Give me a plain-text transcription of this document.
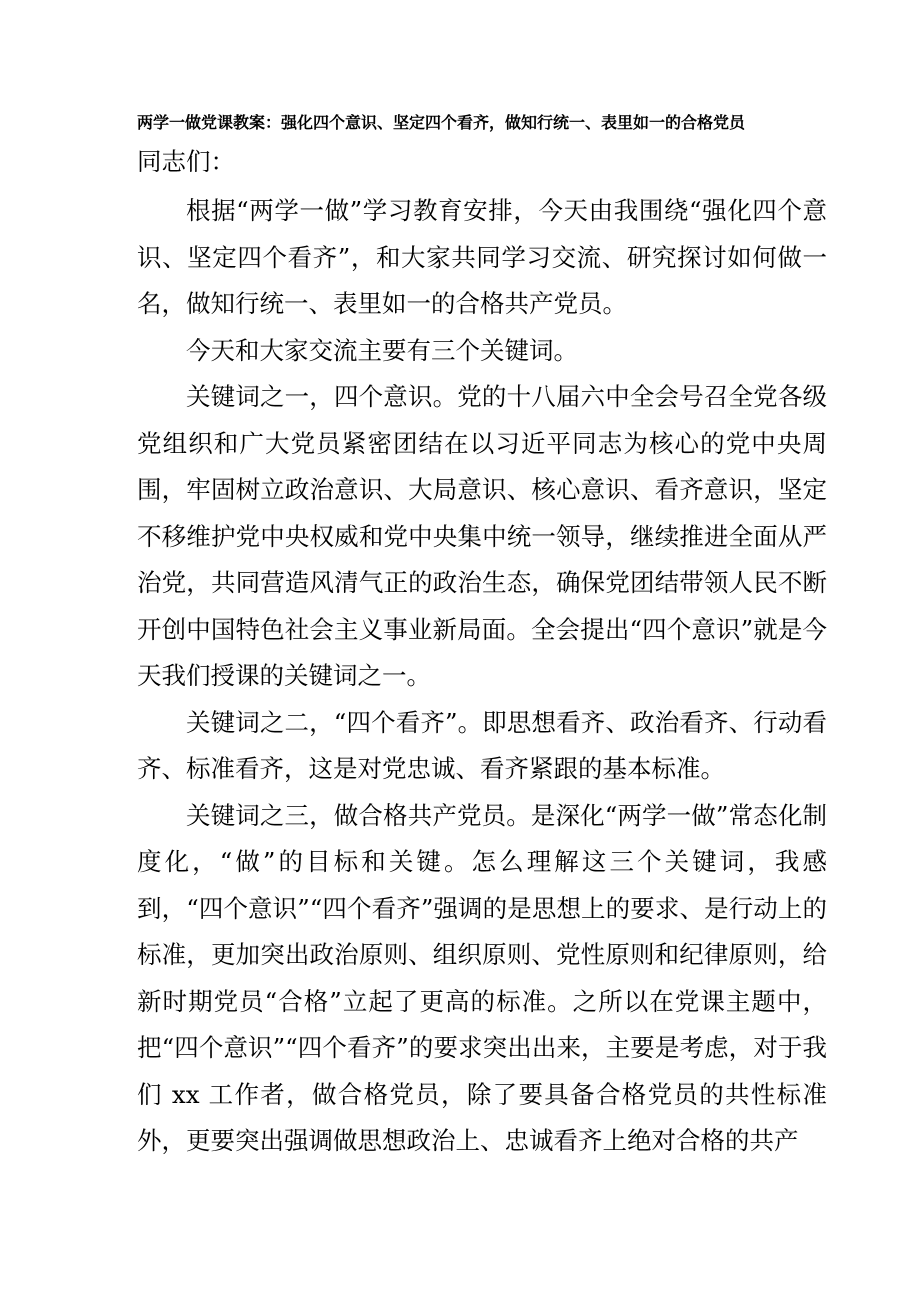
两学一做党课教案：强化四个意识、坚定四个看齐，做知行统一、表里如一的合格党员
同志们：

根据“两学一做”学习教育安排，今天由我围绕“强化四个意识、坚定四个看齐”，和大家共同学习交流、研究探讨如何做一名，做知行统一、表里如一的合格共产党员。

今天和大家交流主要有三个关键词。

关键词之一，四个意识。党的十八届六中全会号召全党各级党组织和广大党员紧密团结在以习近平同志为核心的党中央周围，牢固树立政治意识、大局意识、核心意识、看齐意识，坚定不移维护党中央权威和党中央集中统一领导，继续推进全面从严治党，共同营造风清气正的政治生态，确保党团结带领人民不断开创中国特色社会主义事业新局面。全会提出“四个意识”就是今天我们授课的关键词之一。

关键词之二，“四个看齐”。即思想看齐、政治看齐、行动看齐、标准看齐，这是对党忠诚、看齐紧跟的基本标准。

关键词之三，做合格共产党员。是深化“两学一做”常态化制度化，“做”的目标和关键。怎么理解这三个关键词，我感到，“四个意识”“四个看齐”强调的是思想上的要求、是行动上的标准，更加突出政治原则、组织原则、党性原则和纪律原则，给新时期党员“合格”立起了更高的标准。之所以在党课主题中，把“四个意识”“四个看齐”的要求突出出来，主要是考虑，对于我们 xx 工作者，做合格党员，除了要具备合格党员的共性标准外，更要突出强调做思想政治上、忠诚看齐上绝对合格的共产
